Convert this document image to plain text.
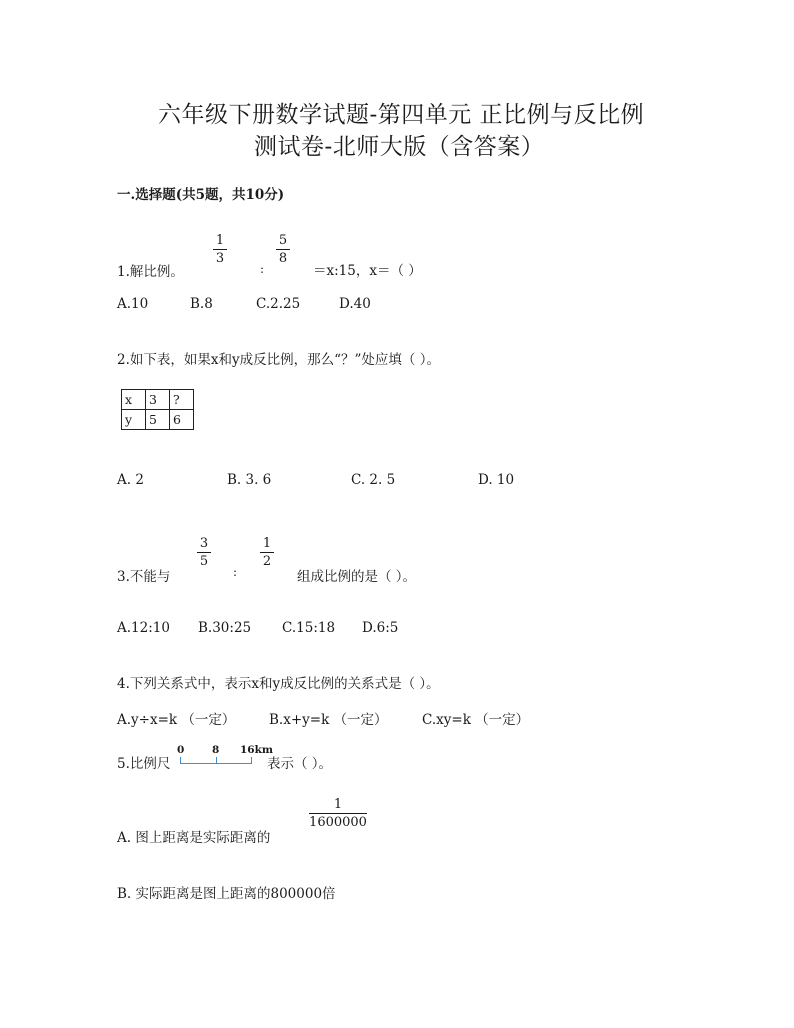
六年级下册数学试题-第四单元 正比例与反比例
测试卷-北师大版（含答案）
一.选择题(共5题，共10分)
1.解比例。
1
3
:
5
8
＝x:15，x＝（ ）
A.10	B.8	C.2.25	D.40
2.如下表，如果x和y成反比例，那么“？”处应填（ ）。
x	3	?
y	5	6
A. 2	B. 3. 6	C. 2. 5	D. 10
3.不能与
3
5
:
1
2
组成比例的是（ ）。
A.12:10 B.30:25 C.15:18 D.6:5
4.下列关系式中，表示x和y成反比例的关系式是（ ）。
A.y÷x=k （一定） B.x+y=k （一定）	C.xy=k （一定）
5.比例尺
0	8 16km
表示（ ）。
A. 图上距离是实际距离的
1
1600000
B. 实际距离是图上距离的800000倍
